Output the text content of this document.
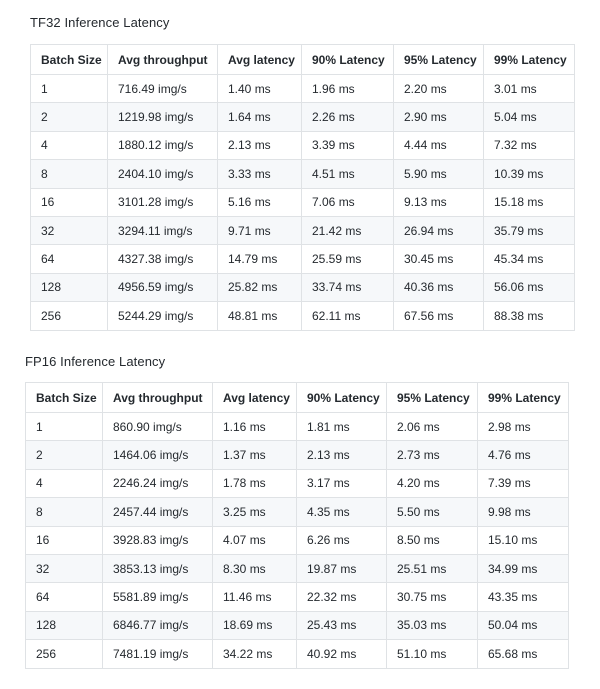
TF32 Inference Latency
Batch Size	Avg throughput	Avg latency	90% Latency	95% Latency	99% Latency
1	716.49 img/s	1.40 ms	1.96 ms	2.20 ms	3.01 ms
2	1219.98 img/s	1.64 ms	2.26 ms	2.90 ms	5.04 ms
4	1880.12 img/s	2.13 ms	3.39 ms	4.44 ms	7.32 ms
8	2404.10 img/s	3.33 ms	4.51 ms	5.90 ms	10.39 ms
16	3101.28 img/s	5.16 ms	7.06 ms	9.13 ms	15.18 ms
32	3294.11 img/s	9.71 ms	21.42 ms	26.94 ms	35.79 ms
64	4327.38 img/s	14.79 ms	25.59 ms	30.45 ms	45.34 ms
128	4956.59 img/s	25.82 ms	33.74 ms	40.36 ms	56.06 ms
256	5244.29 img/s	48.81 ms	62.11 ms	67.56 ms	88.38 ms
FP16 Inference Latency
Batch Size	Avg throughput	Avg latency	90% Latency	95% Latency	99% Latency
1	860.90 img/s	1.16 ms	1.81 ms	2.06 ms	2.98 ms
2	1464.06 img/s	1.37 ms	2.13 ms	2.73 ms	4.76 ms
4	2246.24 img/s	1.78 ms	3.17 ms	4.20 ms	7.39 ms
8	2457.44 img/s	3.25 ms	4.35 ms	5.50 ms	9.98 ms
16	3928.83 img/s	4.07 ms	6.26 ms	8.50 ms	15.10 ms
32	3853.13 img/s	8.30 ms	19.87 ms	25.51 ms	34.99 ms
64	5581.89 img/s	11.46 ms	22.32 ms	30.75 ms	43.35 ms
128	6846.77 img/s	18.69 ms	25.43 ms	35.03 ms	50.04 ms
256	7481.19 img/s	34.22 ms	40.92 ms	51.10 ms	65.68 ms
